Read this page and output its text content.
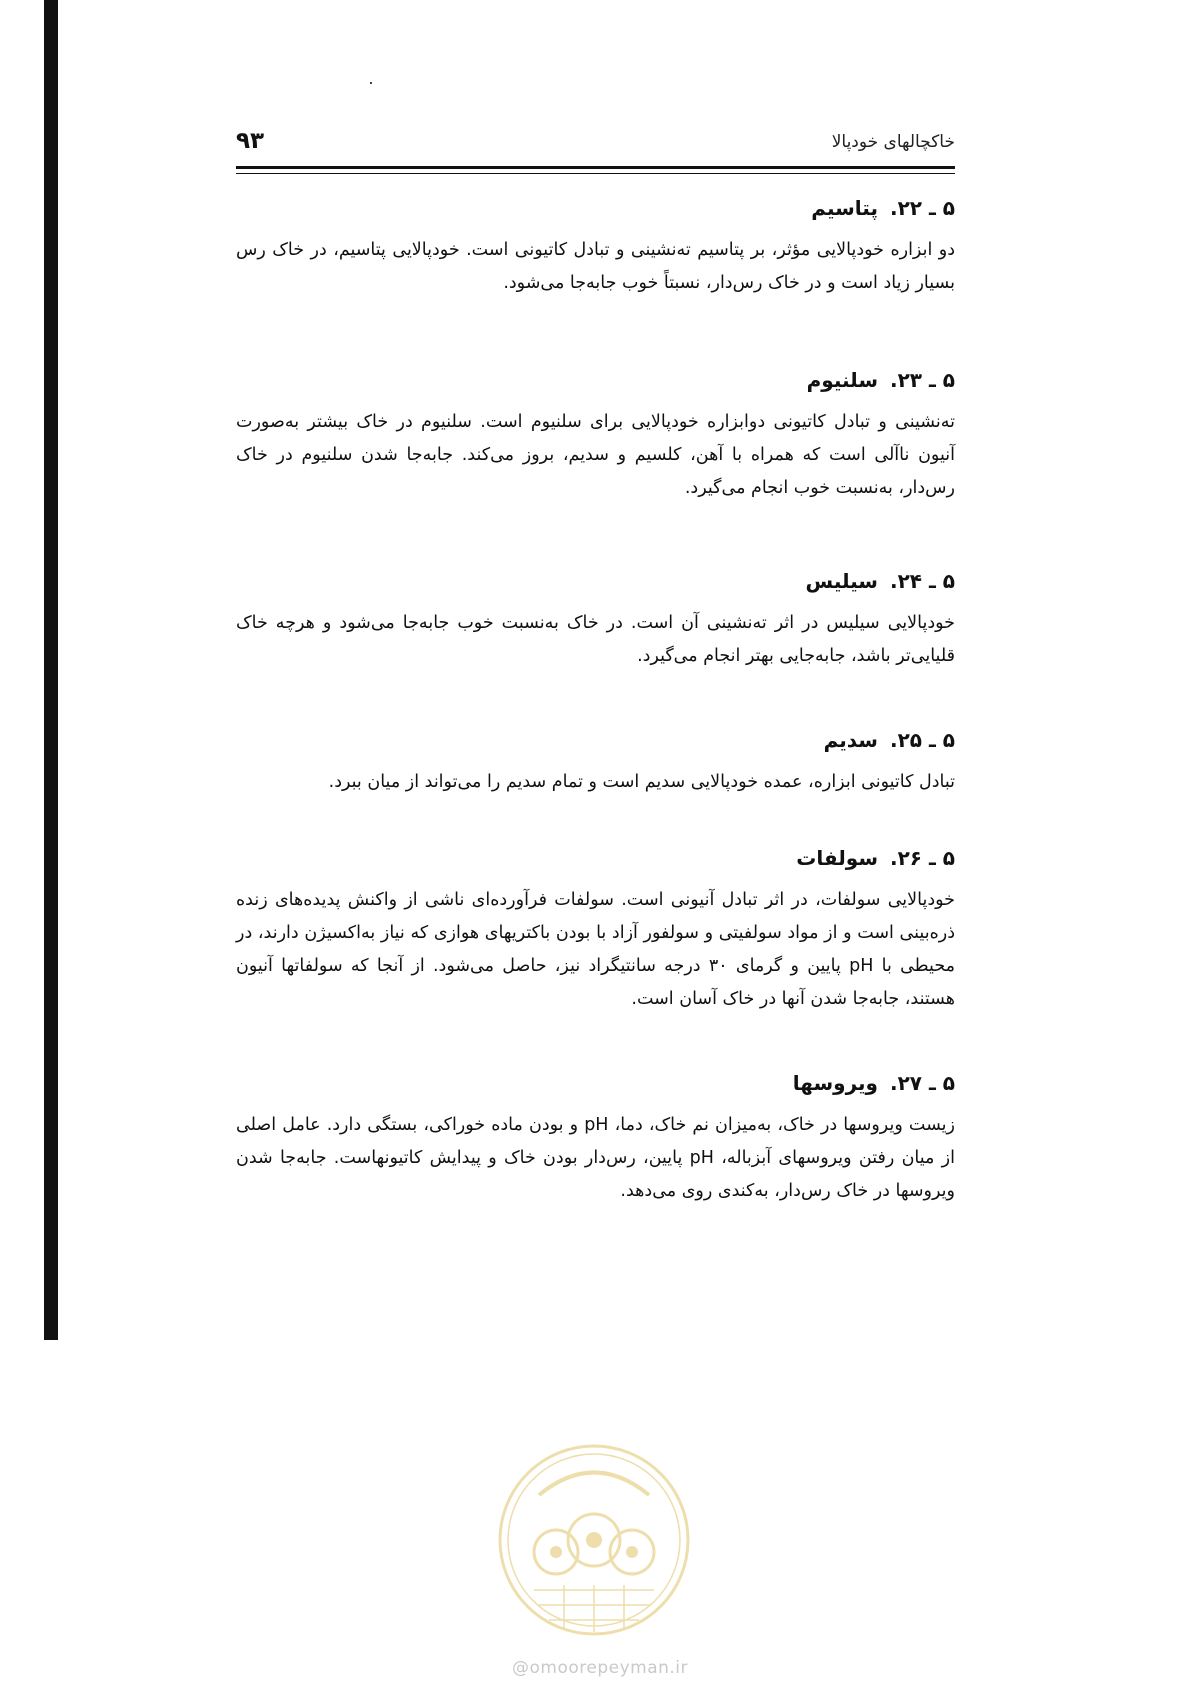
خاکچالهای خودپالا
۹۳
۵ ـ ۲۲.پتاسیم

دو ابزاره خودپالایی مؤثر، بر پتاسیم ته‌نشینی و تبادل کاتیونی است. خودپالایی پتاسیم، در خاک رس بسیار زیاد است و در خاک رس‌دار، نسبتاً خوب جابه‌جا می‌شود.

۵ ـ ۲۳.سلنیوم

ته‌نشینی و تبادل کاتیونی دوابزاره خودپالایی برای سلنیوم است. سلنیوم در خاک بیشتر به‌صورت آنیون ناآلی است که همراه با آهن، کلسیم و سدیم، بروز می‌کند. جابه‌جا شدن سلنیوم در خاک رس‌دار، به‌نسبت خوب انجام می‌گیرد.

۵ ـ ۲۴.سیلیس

خودپالایی سیلیس در اثر ته‌نشینی آن است. در خاک به‌نسبت خوب جابه‌جا می‌شود و هرچه خاک قلیایی‌تر باشد، جابه‌جایی بهتر انجام می‌گیرد.

۵ ـ ۲۵.سدیم

تبادل کاتیونی ابزاره، عمده خودپالایی سدیم است و تمام سدیم را می‌تواند از میان ببرد.

۵ ـ ۲۶.سولفات

خودپالایی سولفات، در اثر تبادل آنیونی است. سولفات فرآورده‌ای ناشی از واکنش پدیده‌های زنده ذره‌بینی است و از مواد سولفیتی و سولفور آزاد با بودن باکتریهای هوازی که نیاز به‌اکسیژن دارند، در محیطی با pH پایین و گرمای ۳۰ درجه سانتیگراد نیز، حاصل می‌شود. از آنجا که سولفاتها آنیون هستند، جابه‌جا شدن آنها در خاک آسان است.

۵ ـ ۲۷.ویروسها

زیست ویروسها در خاک، به‌میزان نم خاک، دما، pH و بودن ماده خوراکی، بستگی دارد. عامل اصلی از میان رفتن ویروسهای آبزباله، pH پایین، رس‌دار بودن خاک و پیدایش کاتیونهاست. جابه‌جا شدن ویروسها در خاک رس‌دار، به‌کندی روی می‌دهد.

@omoorepeyman.ir
